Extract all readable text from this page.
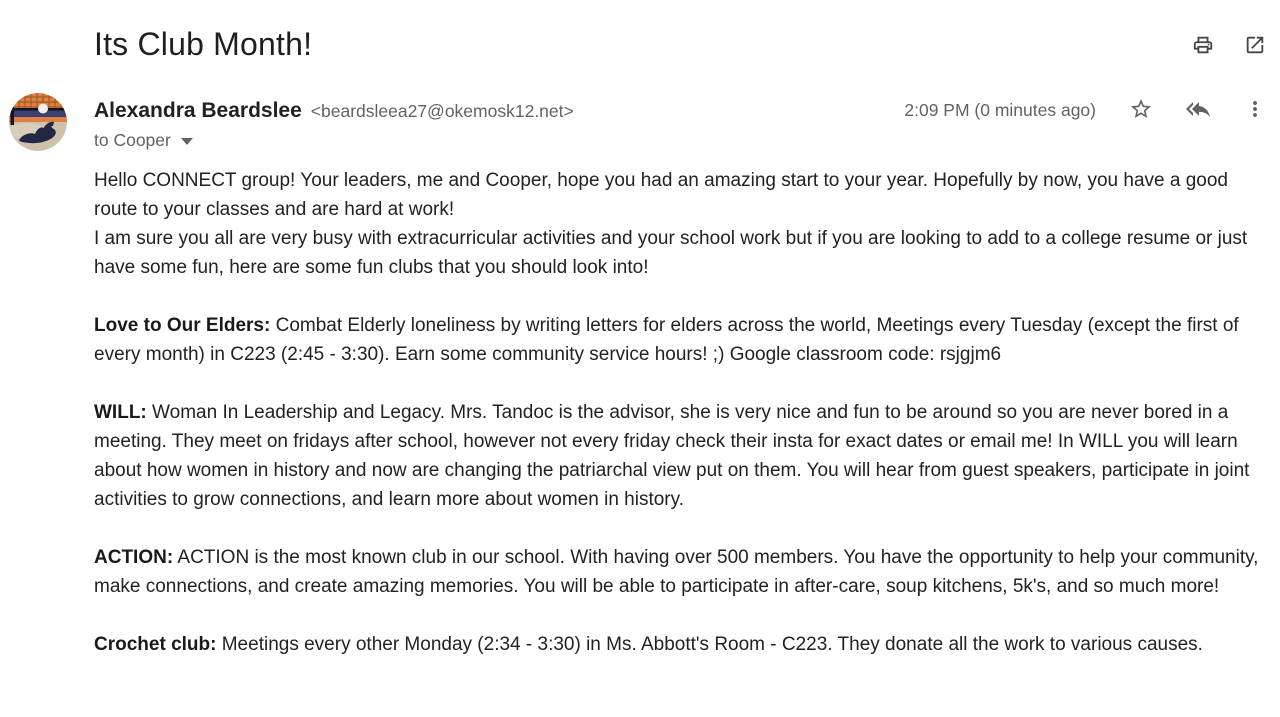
Its Club Month!
Alexandra Beardslee <beardsleea27@okemosk12.net>
to Cooper
2:09 PM (0 minutes ago)
Hello CONNECT group! Your leaders, me and Cooper, hope you had an amazing start to your year. Hopefully by now, you have a good route to your classes and are hard at work!
I am sure you all are very busy with extracurricular activities and your school work but if you are looking to add to a college resume or just have some fun, here are some fun clubs that you should look into!

Love to Our Elders: Combat Elderly loneliness by writing letters for elders across the world, Meetings every Tuesday (except the first of every month) in C223 (2:45 - 3:30). Earn some community service hours! ;) Google classroom code: rsjgjm6

WILL: Woman In Leadership and Legacy. Mrs. Tandoc is the advisor, she is very nice and fun to be around so you are never bored in a meeting. They meet on fridays after school, however not every friday check their insta for exact dates or email me! In WILL you will learn about how women in history and now are changing the patriarchal view put on them. You will hear from guest speakers, participate in joint activities to grow connections, and learn more about women in history.

ACTION: ACTION is the most known club in our school. With having over 500 members. You have the opportunity to help your community, make connections, and create amazing memories. You will be able to participate in after-care, soup kitchens, 5k's, and so much more!

Crochet club: Meetings every other Monday (2:34 - 3:30) in Ms. Abbott's Room - C223. They donate all the work to various causes.
